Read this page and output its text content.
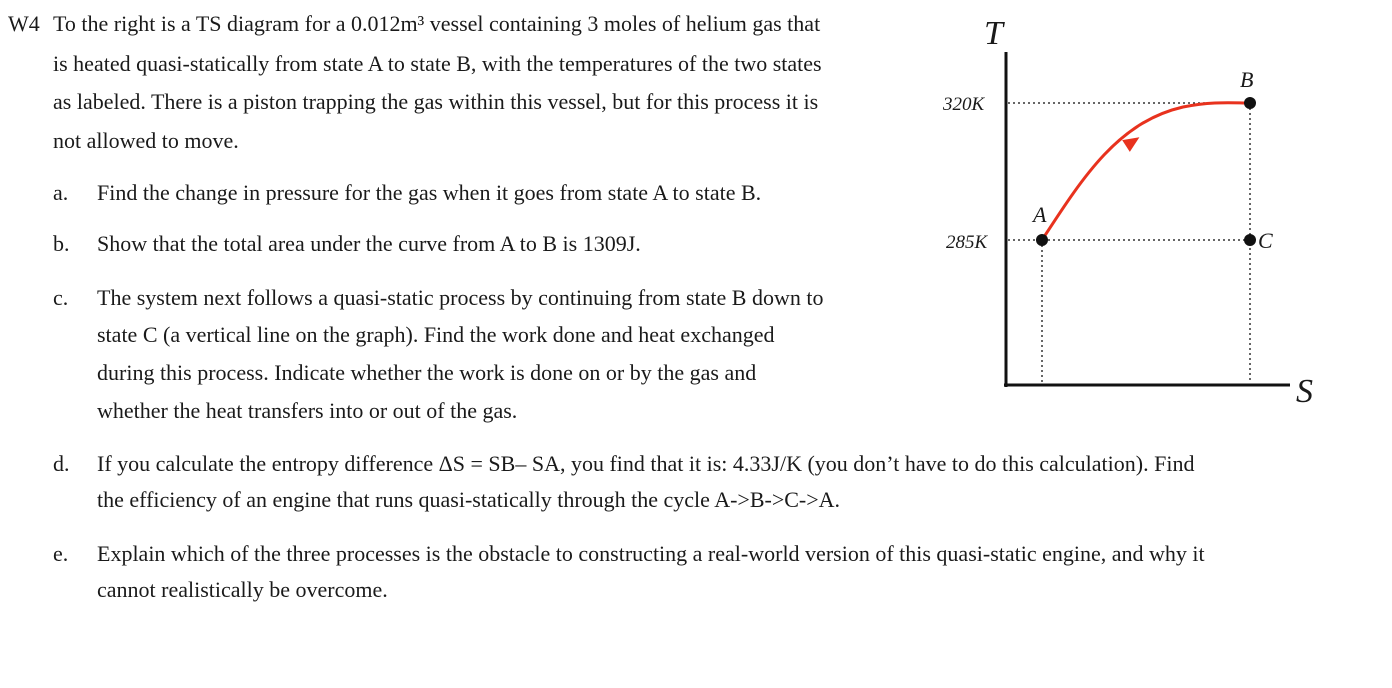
W4 To the right is a TS diagram for a 0.012m³ vessel containing 3 moles of helium gas that
is heated quasi-statically from state A to state B, with the temperatures of the two states
as labeled. There is a piston trapping the gas within this vessel, but for this process it is
not allowed to move.
a. Find the change in pressure for the gas when it goes from state A to state B.
b. Show that the total area under the curve from A to B is 1309J.
c. The system next follows a quasi-static process by continuing from state B down to
state C (a vertical line on the graph). Find the work done and heat exchanged
during this process. Indicate whether the work is done on or by the gas and
whether the heat transfers into or out of the gas.
d. If you calculate the entropy difference ΔS = SB– SA, you find that it is: 4.33J/K (you don’t have to do this calculation). Find
the efficiency of an engine that runs quasi-statically through the cycle A->B->C->A.
e. Explain which of the three processes is the obstacle to constructing a real-world version of this quasi-static engine, and why it
cannot realistically be overcome.
T
S
320K
285K
A
B
C
